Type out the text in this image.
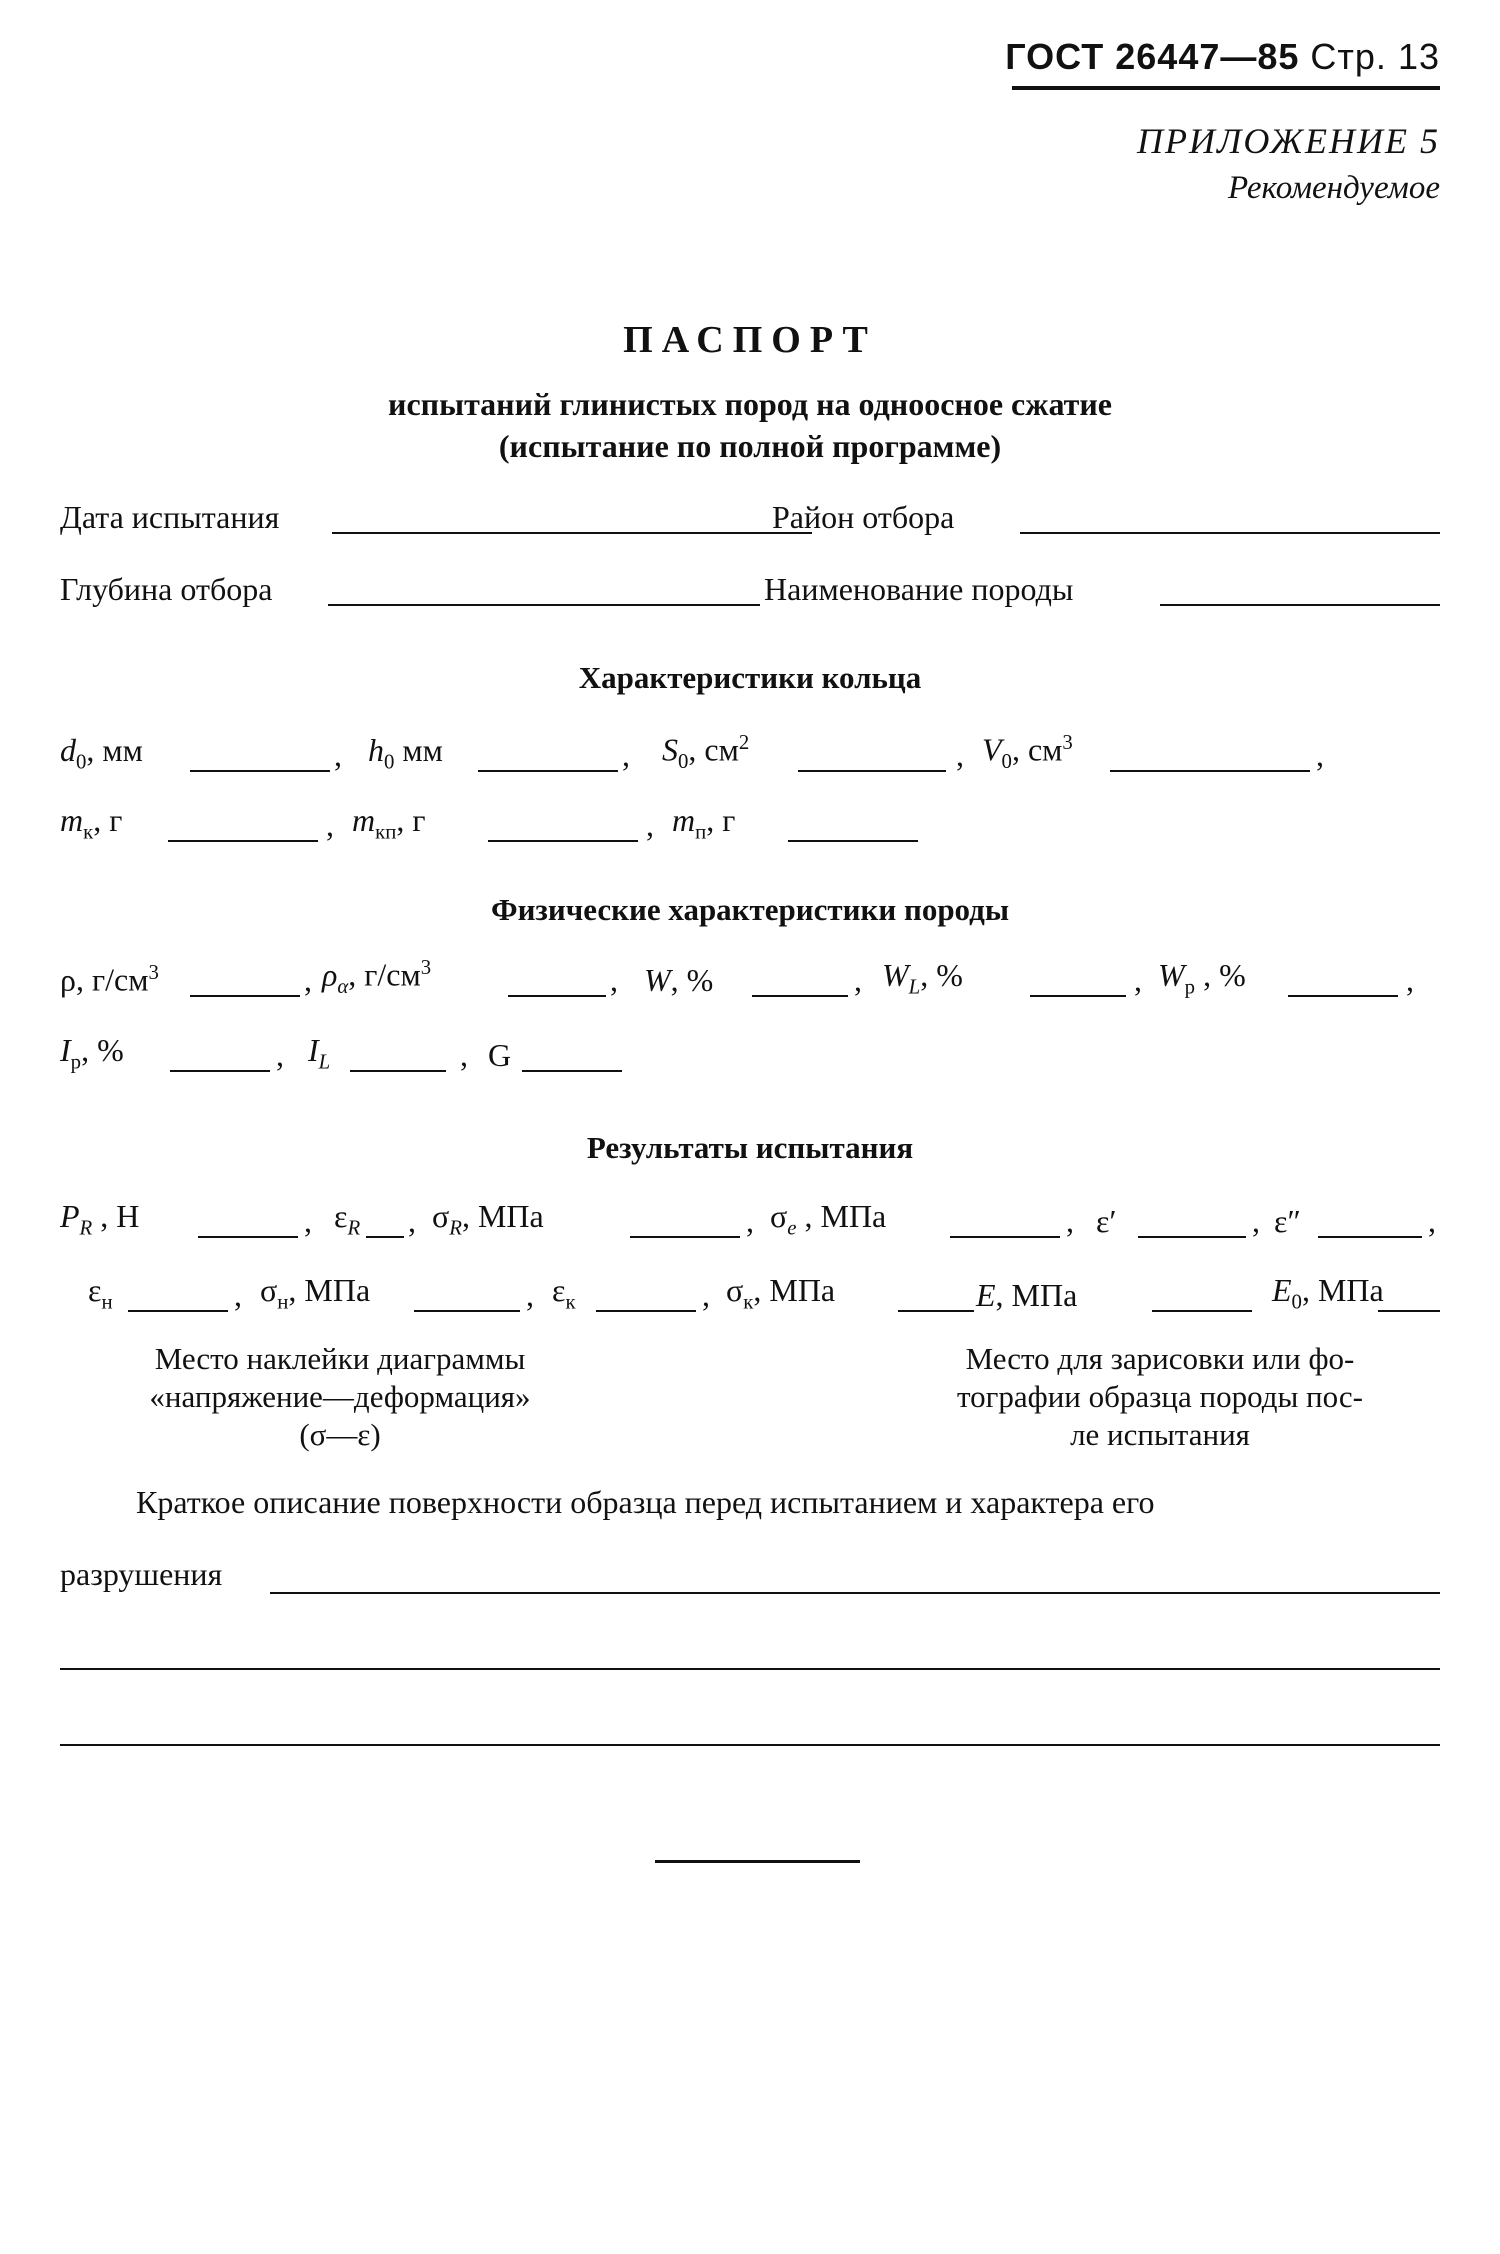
ГОСТ 26447—85 Стр. 13
ПРИЛОЖЕНИЕ 5
Рекомендуемое
ПАСПОРТ
испытаний глинистых пород на одноосное сжатие
(испытание по полной программе)
Дата испытания	Район отбора
Глубина отбора	Наименование породы
Характеристики кольца
$d_0$, мм	, $h_0$ мм	, $S_0$, $см^2$	, $V_0$, $см^3$	,
$m_к$, г	, $m_{кп}$, г	, $m_п$, г
Физические характеристики породы
ρ, $г/см^3$	, $\rho_\alpha$, $г/см^3$	, W, %	, $W_L$, %	, $W_p$ , %	,
$I_p$, %	, $I_L$	, G
Результаты испытания
$P_R$ , Н	, $\varepsilon_R$ , $\sigma_R$, МПа	, $\sigma_e$ , МПа	, ε′	, ε″	,
$\varepsilon_н$	, $\sigma_н$, МПа	, $\varepsilon_к$	, $\sigma_к$, МПа	E, МПа	$E_0$, МПа
Место наклейки диаграммы
«напряжение—деформация»
(σ—ε)
Место для зарисовки или фо-
тографии образца породы пос-
ле испытания
Краткое описание поверхности образца перед испытанием и характера его
разрушения
